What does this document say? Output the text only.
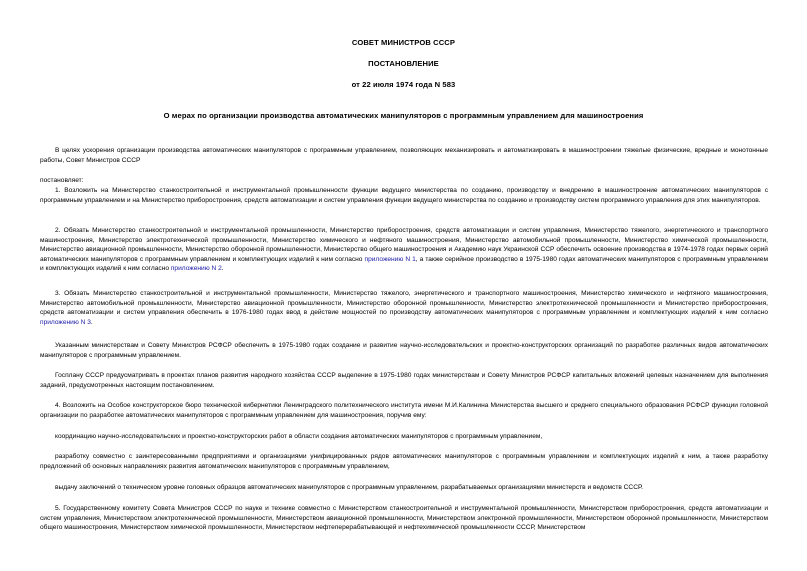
СОВЕТ МИНИСТРОВ СССР
ПОСТАНОВЛЕНИЕ
от 22 июля 1974 года N 583
О мерах по организации производства автоматических манипуляторов с программным управлением для машиностроения
В целях ускорения организации производства автоматических манипуляторов с программным управлением, позволяющих механизировать и автоматизировать в машиностроении тяжелые физические, вредные и монотонные работы, Совет Министров СССР
постановляет:
1. Возложить на Министерство станкостроительной и инструментальной промышленности функции ведущего министерства по созданию, производству и внедрению в машиностроение автоматических манипуляторов с программным управлением и на Министерство приборостроения, средств автоматизации и систем управления функции ведущего министерства по созданию и производству систем программного управления для этих манипуляторов.
2. Обязать Министерство станкостроительной и инструментальной промышленности, Министерство приборостроения, средств автоматизации и систем управления, Министерство тяжелого, энергетического и транспортного машиностроения, Министерство электротехнической промышленности, Министерство химического и нефтяного машиностроения, Министерство автомобильной промышленности, Министерство химической промышленности, Министерство авиационной промышленности, Министерство оборонной промышленности, Министерство общего машиностроения и Академию наук Украинской ССР обеспечить освоение производства в 1974-1978 годах первых серий автоматических манипуляторов с программным управлением и комплектующих изделий к ним согласно приложению N 1, а также серийное производство в 1975-1980 годах автоматических манипуляторов с программным управлением и комплектующих изделий к ним согласно приложению N 2.
3. Обязать Министерство станкостроительной и инструментальной промышленности, Министерство тяжелого, энергетического и транспортного машиностроения, Министерство химического и нефтяного машиностроения, Министерство автомобильной промышленности, Министерство авиационной промышленности, Министерство оборонной промышленности, Министерство электротехнической промышленности и Министерство приборостроения, средств автоматизации и систем управления обеспечить в 1976-1980 годах ввод в действие мощностей по производству автоматических манипуляторов с программным управлением и комплектующих изделий к ним согласно приложению N 3.
Указанным министерствам и Совету Министров РСФСР обеспечить в 1975-1980 годах создание и развитие научно-исследовательских и проектно-конструкторских организаций по разработке различных видов автоматических манипуляторов с программным управлением.
Госплану СССР предусматривать в проектах планов развития народного хозяйства СССР выделение в 1975-1980 годах министерствам и Совету Министров РСФСР капитальных вложений целевых назначением для выполнения заданий, предусмотренных настоящим постановлением.
4. Возложить на Особое конструкторское бюро технической кибернетики Ленинградского политехнического института имени М.И.Калинина Министерства высшего и среднего специального образования РСФСР функции головной организации по разработке автоматических манипуляторов с программным управлением для машиностроения, поручив ему:
координацию научно-исследовательских и проектно-конструкторских работ в области создания автоматических манипуляторов с программным управлением,
разработку совместно с заинтересованными предприятиями и организациями унифицированных рядов автоматических манипуляторов с программным управлением и комплектующих изделий к ним, а также разработку предложений об основных направлениях развития автоматических манипуляторов с программным управлением,
выдачу заключений о техническом уровне головных образцов автоматических манипуляторов с программным управлением, разрабатываемых организациями министерств и ведомств СССР.
5. Государственному комитету Совета Министров СССР по науке и технике совместно с Министерством станкостроительной и инструментальной промышленности, Министерством приборостроения, средств автоматизации и систем управления, Министерством электротехнической промышленности, Министерством авиационной промышленности, Министерством электронной промышленности, Министерством оборонной промышленности, Министерством общего машиностроения, Министерством химической промышленности, Министерством нефтеперерабатывающей и нефтехимической промышленности СССР, Министерством
